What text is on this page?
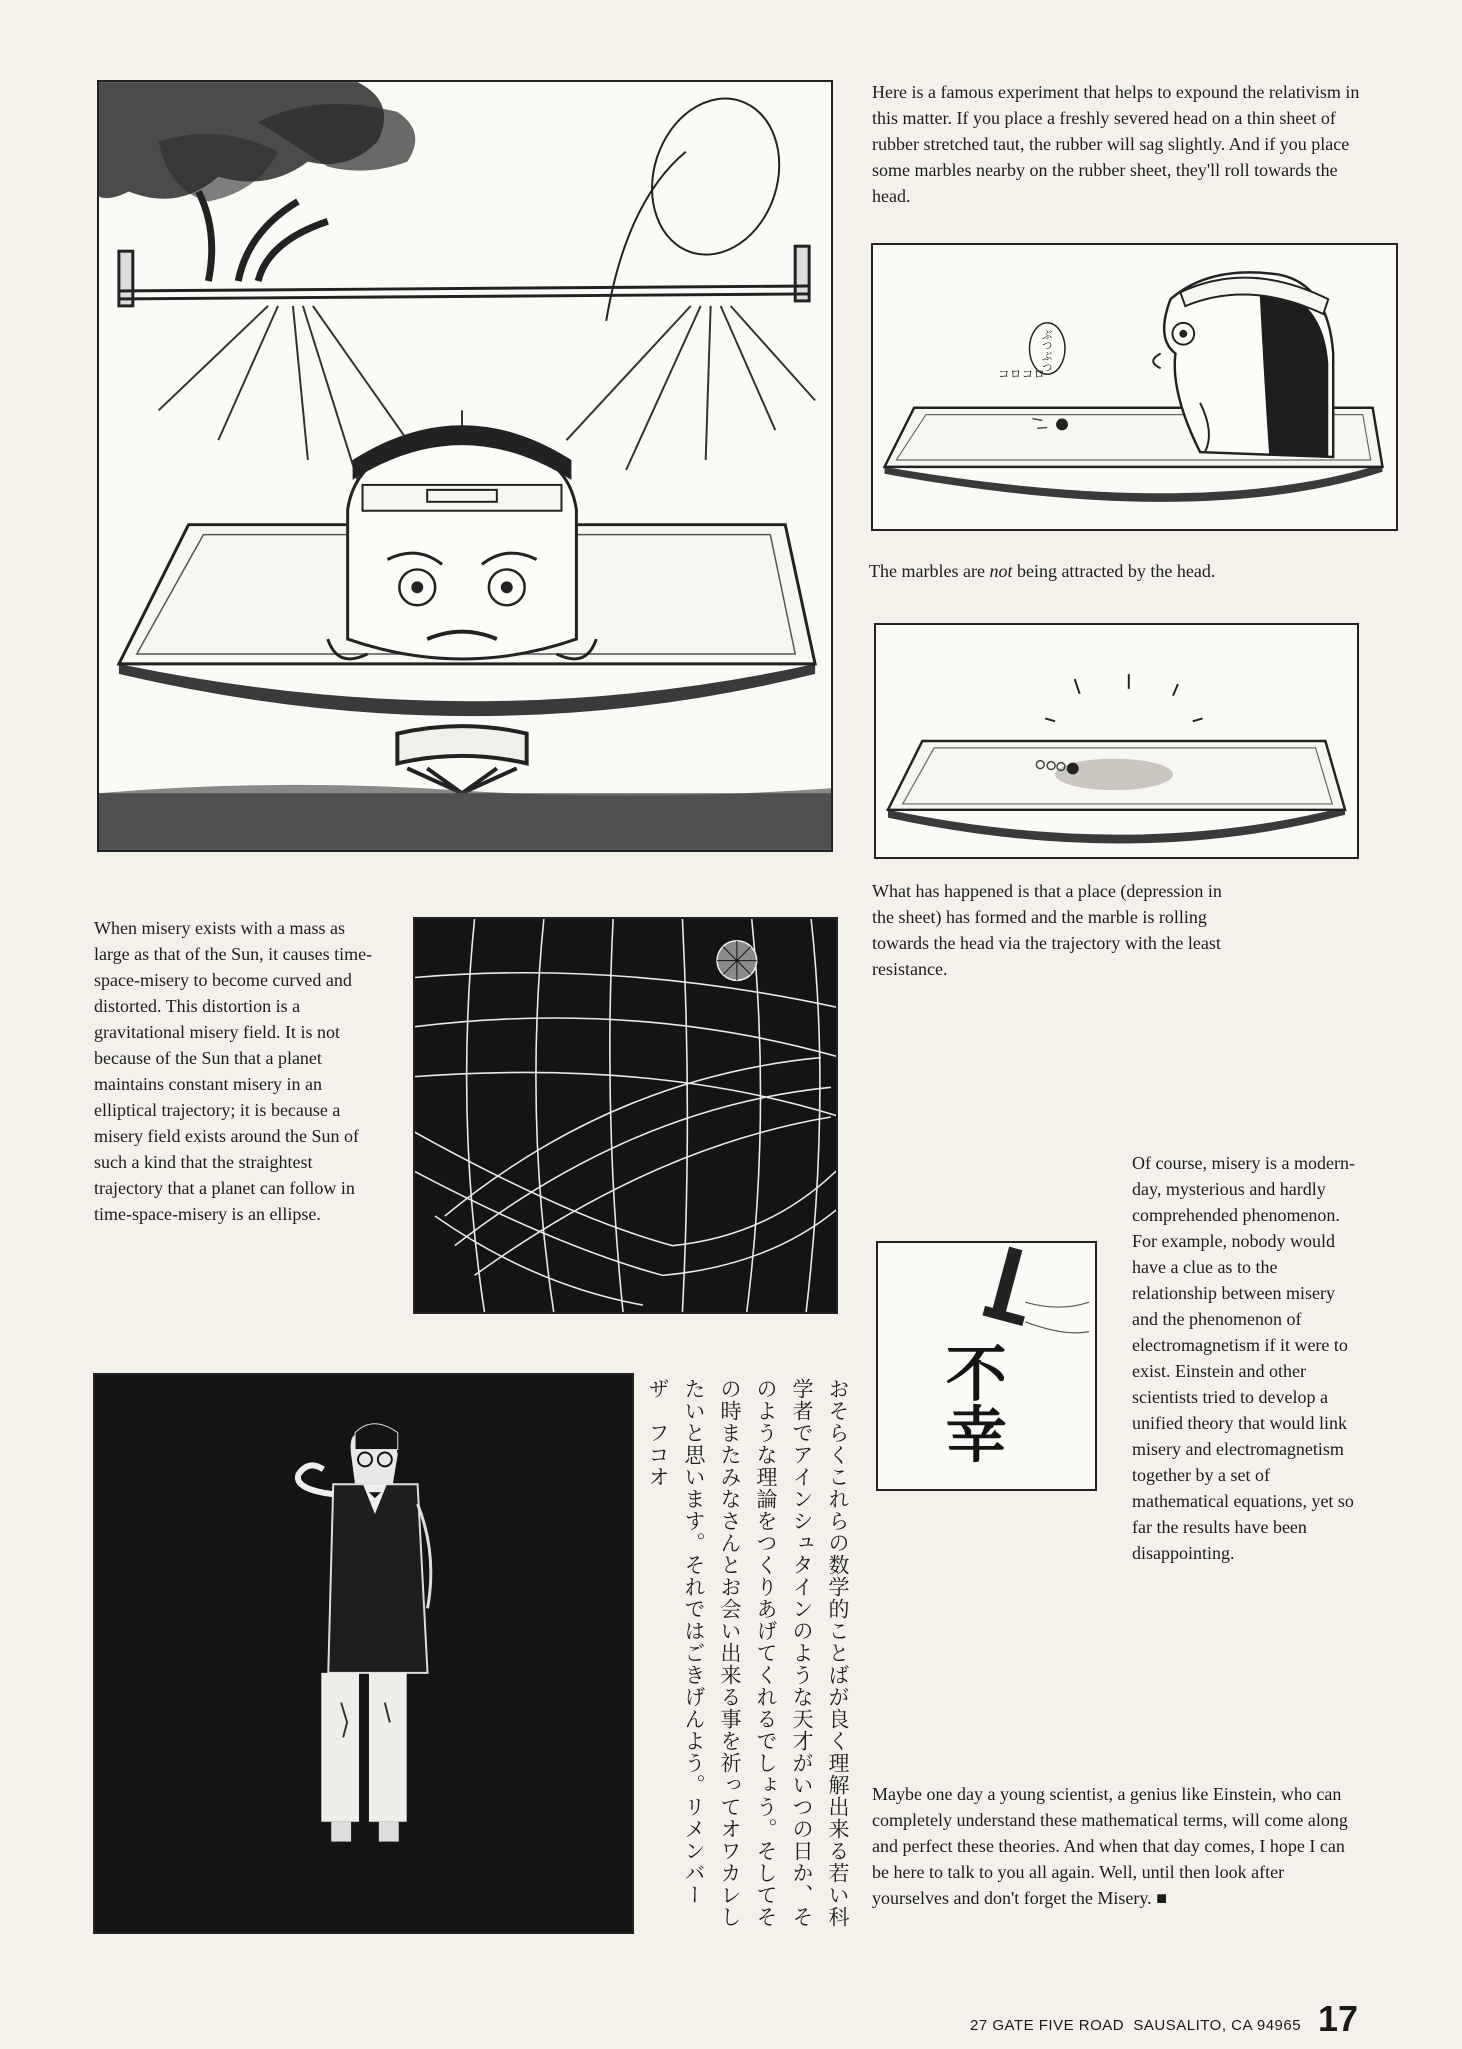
Here is a famous experiment that helps to expound the relativism in this matter. If you place a freshly severed head on a thin sheet of rubber stretched taut, the rubber will sag slightly. And if you place some marbles nearby on the rubber sheet, they'll roll towards the head.

ぶつぶつ
コロコロ

The marbles are not being attracted by the head.

What has happened is that a place (depression in the sheet) has formed and the marble is rolling towards the head via the trajectory with the least resistance.

When misery exists with a mass as large as that of the Sun, it causes time-space-misery to become curved and distorted. This distortion is a gravitational misery field. It is not because of the Sun that a planet maintains constant misery in an elliptical trajectory; it is because a misery field exists around the Sun of such a kind that the straightest trajectory that a planet can follow in time-space-misery is an ellipse.

Of course, misery is a modern-day, mysterious and hardly comprehended phenomenon. For example, nobody would have a clue as to the relationship between misery and the phenomenon of electromagnetism if it were to exist. Einstein and other scientists tried to develop a unified theory that would link misery and electromagnetism together by a set of mathematical equations, yet so far the results have been disappointing.

不幸
おそらくこれらの数学的ことばが良く理解出来る若い科
学者でアインシュタインのような天才がいつの日か、そ
のような理論をつくりあげてくれるでしょう。そしてそ
の時またみなさんとお会い出来る事を祈ってオワカレし
たいと思います。それではごきげんよう。リメンバー
ザ　フコオ

Maybe one day a young scientist, a genius like Einstein, who can completely understand these mathematical terms, will come along and perfect these theories. And when that day comes, I hope I can be here to talk to you all again. Well, until then look after yourselves and don't forget the Misery. ■

27 GATE FIVE ROAD  SAUSALITO, CA 94965 17
